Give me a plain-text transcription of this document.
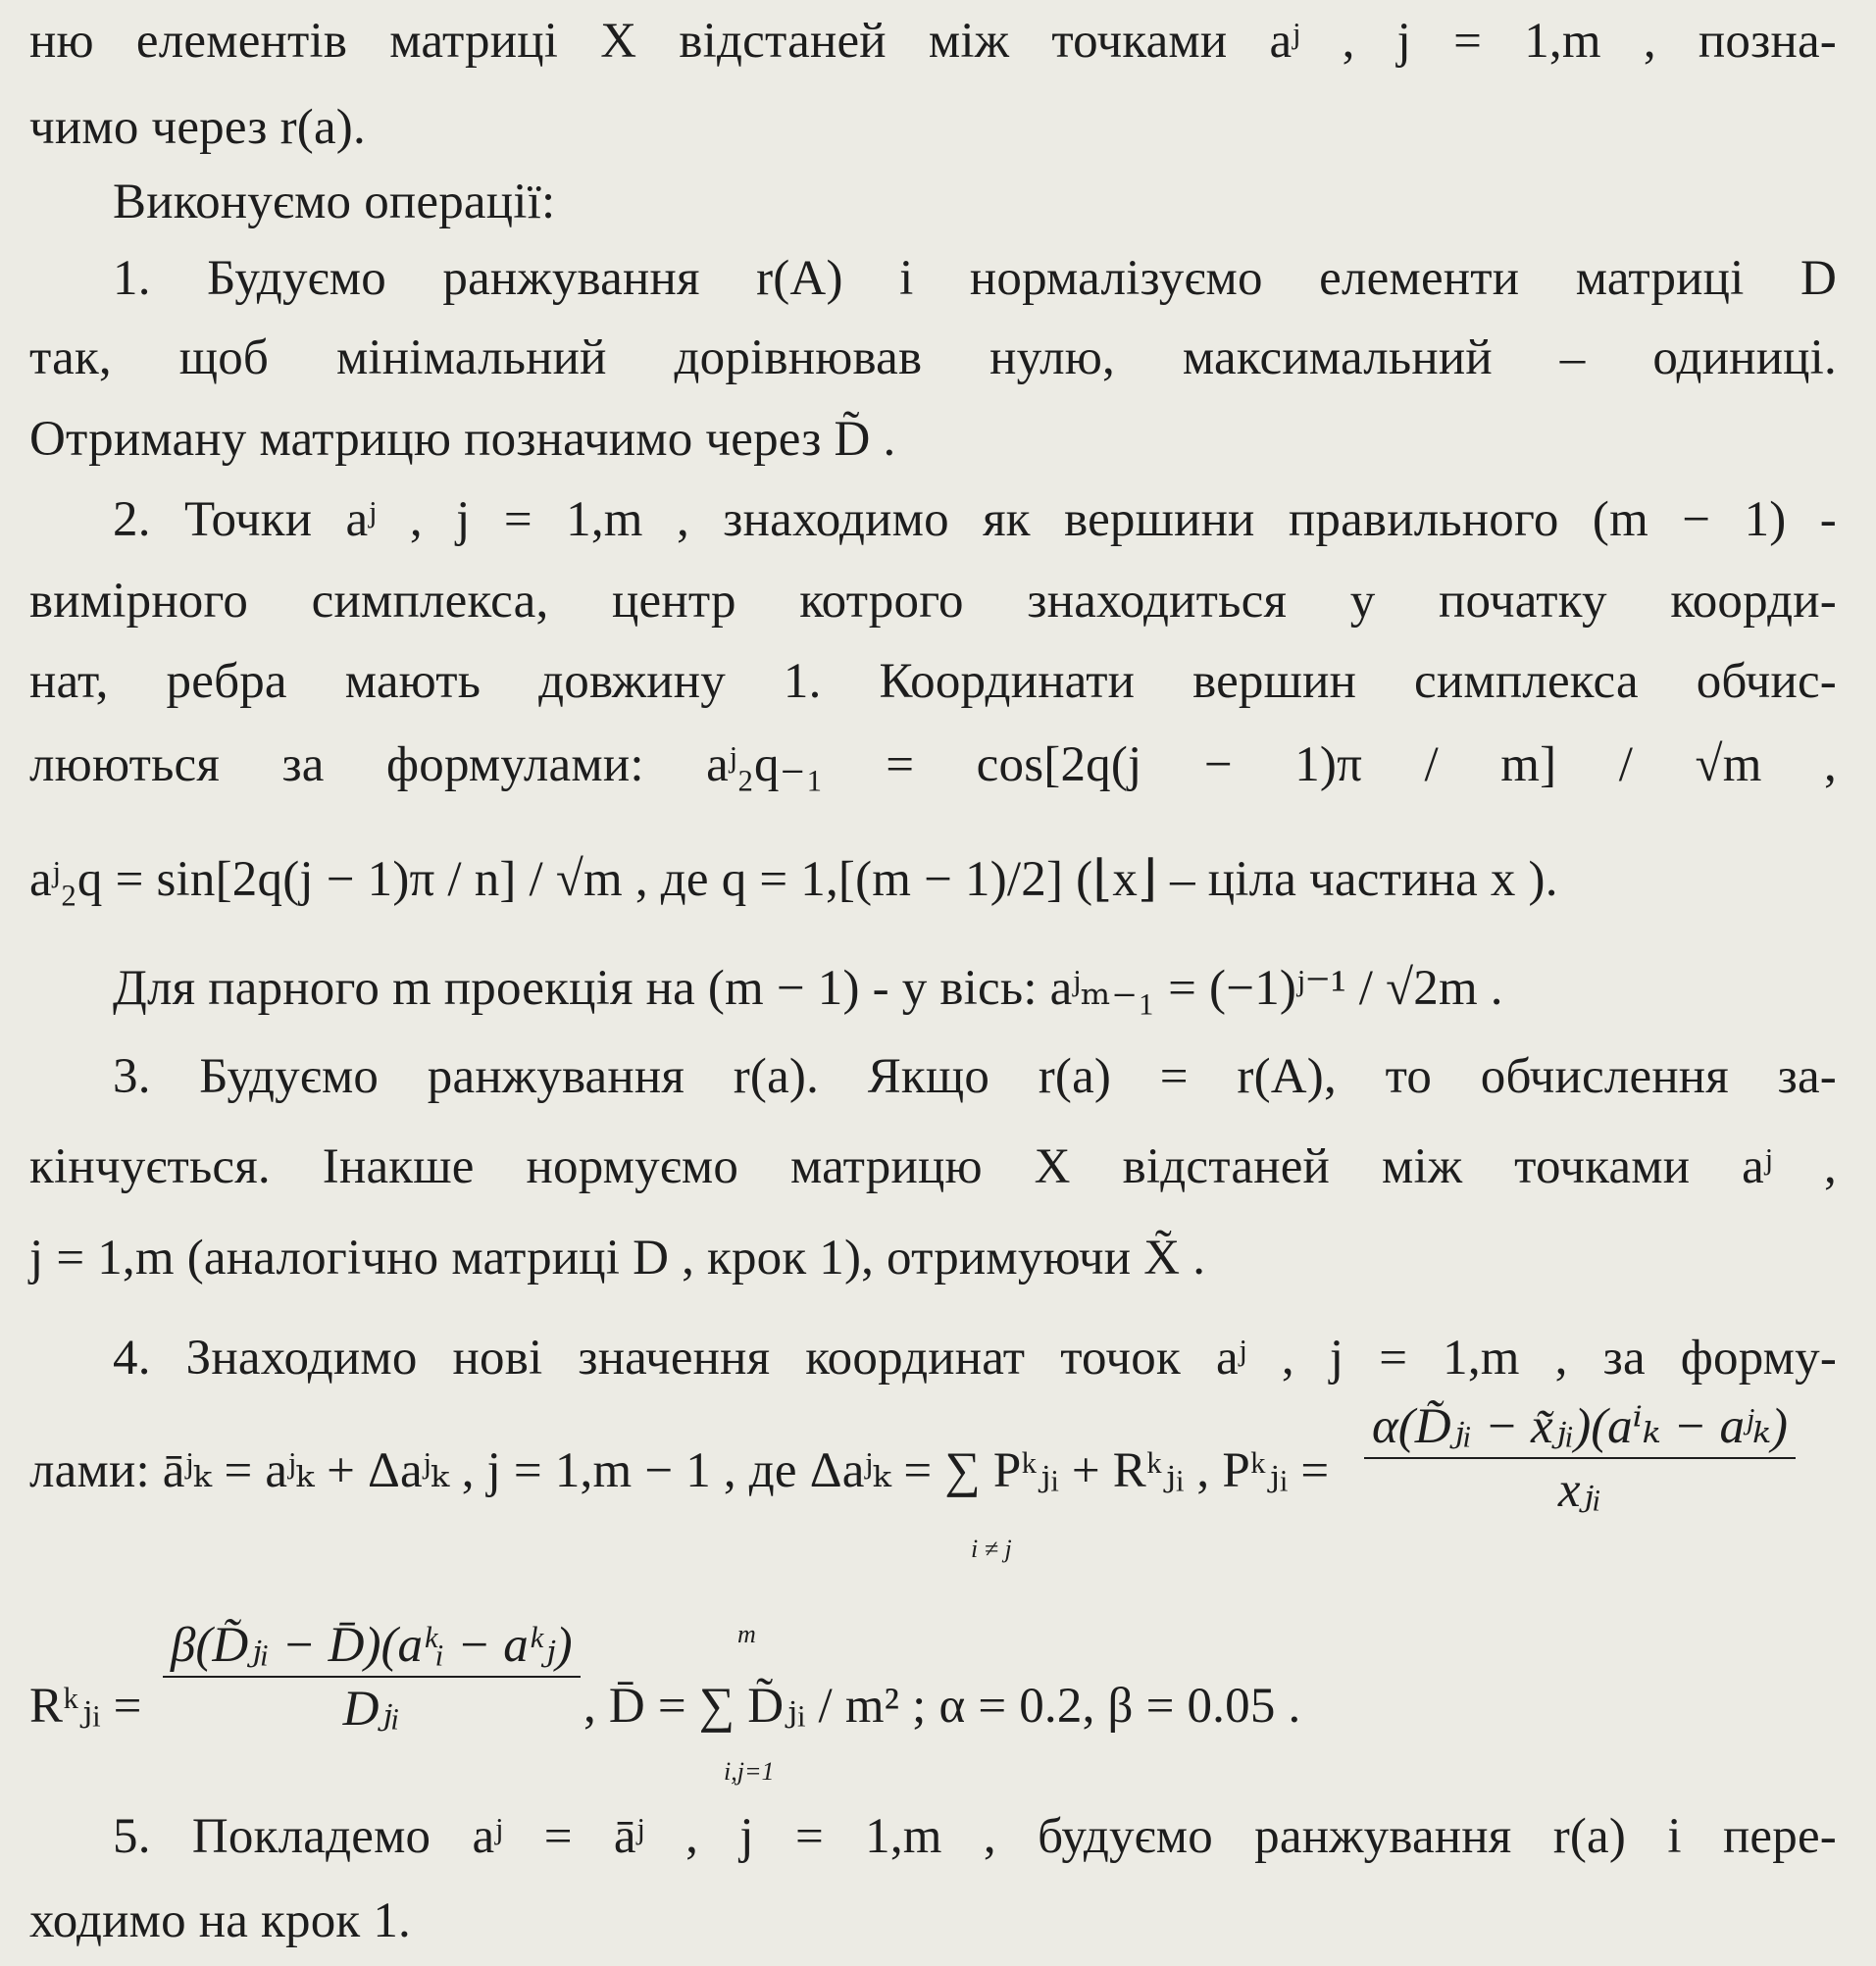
ню елементів матриці X відстаней між точками aʲ , j = 1,m , позна-
чимо через r(a).
Виконуємо операції:
1. Будуємо ранжування r(A) і нормалізуємо елементи матриці D
так, щоб мінімальний дорівнював нулю, максимальний – одиниці.
Отриману матрицю позначимо через D̃ .
2. Точки aʲ , j = 1,m , знаходимо як вершини правильного (m − 1) -
вимірного симплекса, центр котрого знаходиться у початку коорди-
нат, ребра мають довжину 1. Координати вершин симплекса обчис-
люються за формулами: aʲ₂q₋₁ = cos[2q(j − 1)π / m] / √m ,
aʲ₂q = sin[2q(j − 1)π / n] / √m , де q = 1,[(m − 1)/2] (⌊x⌋ – ціла частина x ).
Для парного m проекція на (m − 1) - у вісь: aʲₘ₋₁ = (−1)ʲ⁻¹ / √2m .
3. Будуємо ранжування r(a). Якщо r(a) = r(A), то обчислення за-
кінчується. Інакше нормуємо матрицю X відстаней між точками aʲ ,
j = 1,m (аналогічно матриці D , крок 1), отримуючи X̃ .
4. Знаходимо нові значення координат точок aʲ , j = 1,m , за форму-
лами: āʲₖ = aʲₖ + Δaʲₖ , j = 1,m − 1 , де Δaʲₖ = ∑ Pᵏⱼᵢ + Rᵏⱼᵢ , Pᵏⱼᵢ =
α(D̃ⱼᵢ − x̃ⱼᵢ)(aⁱₖ − aʲₖ)
xⱼᵢ
i ≠ j
Rᵏⱼᵢ =
β(D̃ⱼᵢ − D̄)(aᵏᵢ − aᵏⱼ)
Dⱼᵢ	, D̄ = ∑ D̃ⱼᵢ / m² ; α = 0.2, β = 0.05 .
m
i,j=1
5. Покладемо aʲ = āʲ , j = 1,m , будуємо ранжування r(a) і пере-
ходимо на крок 1.
